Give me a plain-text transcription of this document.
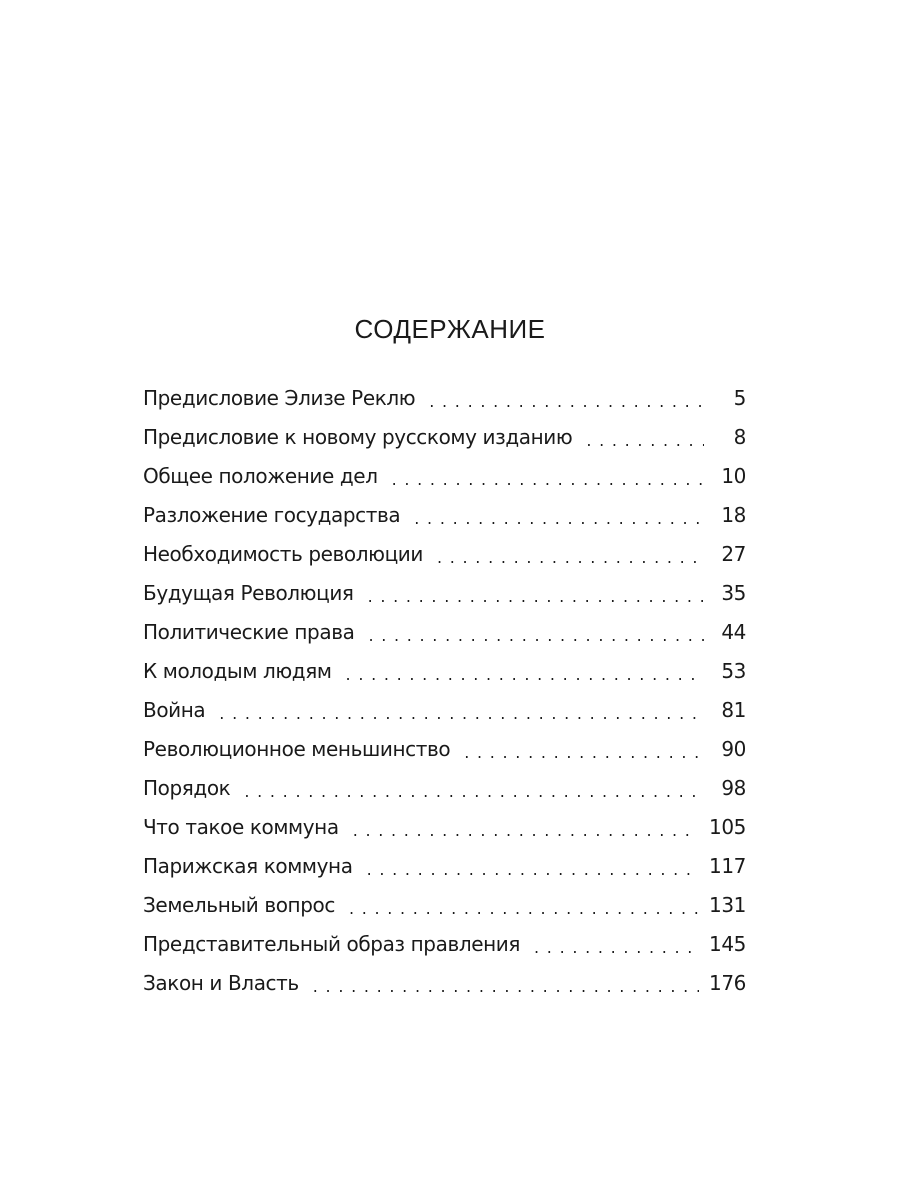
СОДЕРЖАНИЕ
Предисловие Элизе Реклю . . .	5
Предисловие к новому русскому изданию . . .	8
Общее положение дел . . .	10
Разложение государства . . .	18
Необходимость революции . . .	27
Будущая Революция . . .	35
Политические права . . .	44
К молодым людям . . .	53
Война . . .	81
Революционное меньшинство . . .	90
Порядок . . .	98
Что такое коммуна . . .	105
Парижская коммуна . . .	117
Земельный вопрос . . .	131
Представительный образ правления . . .	145
Закон и Власть . . .	176
